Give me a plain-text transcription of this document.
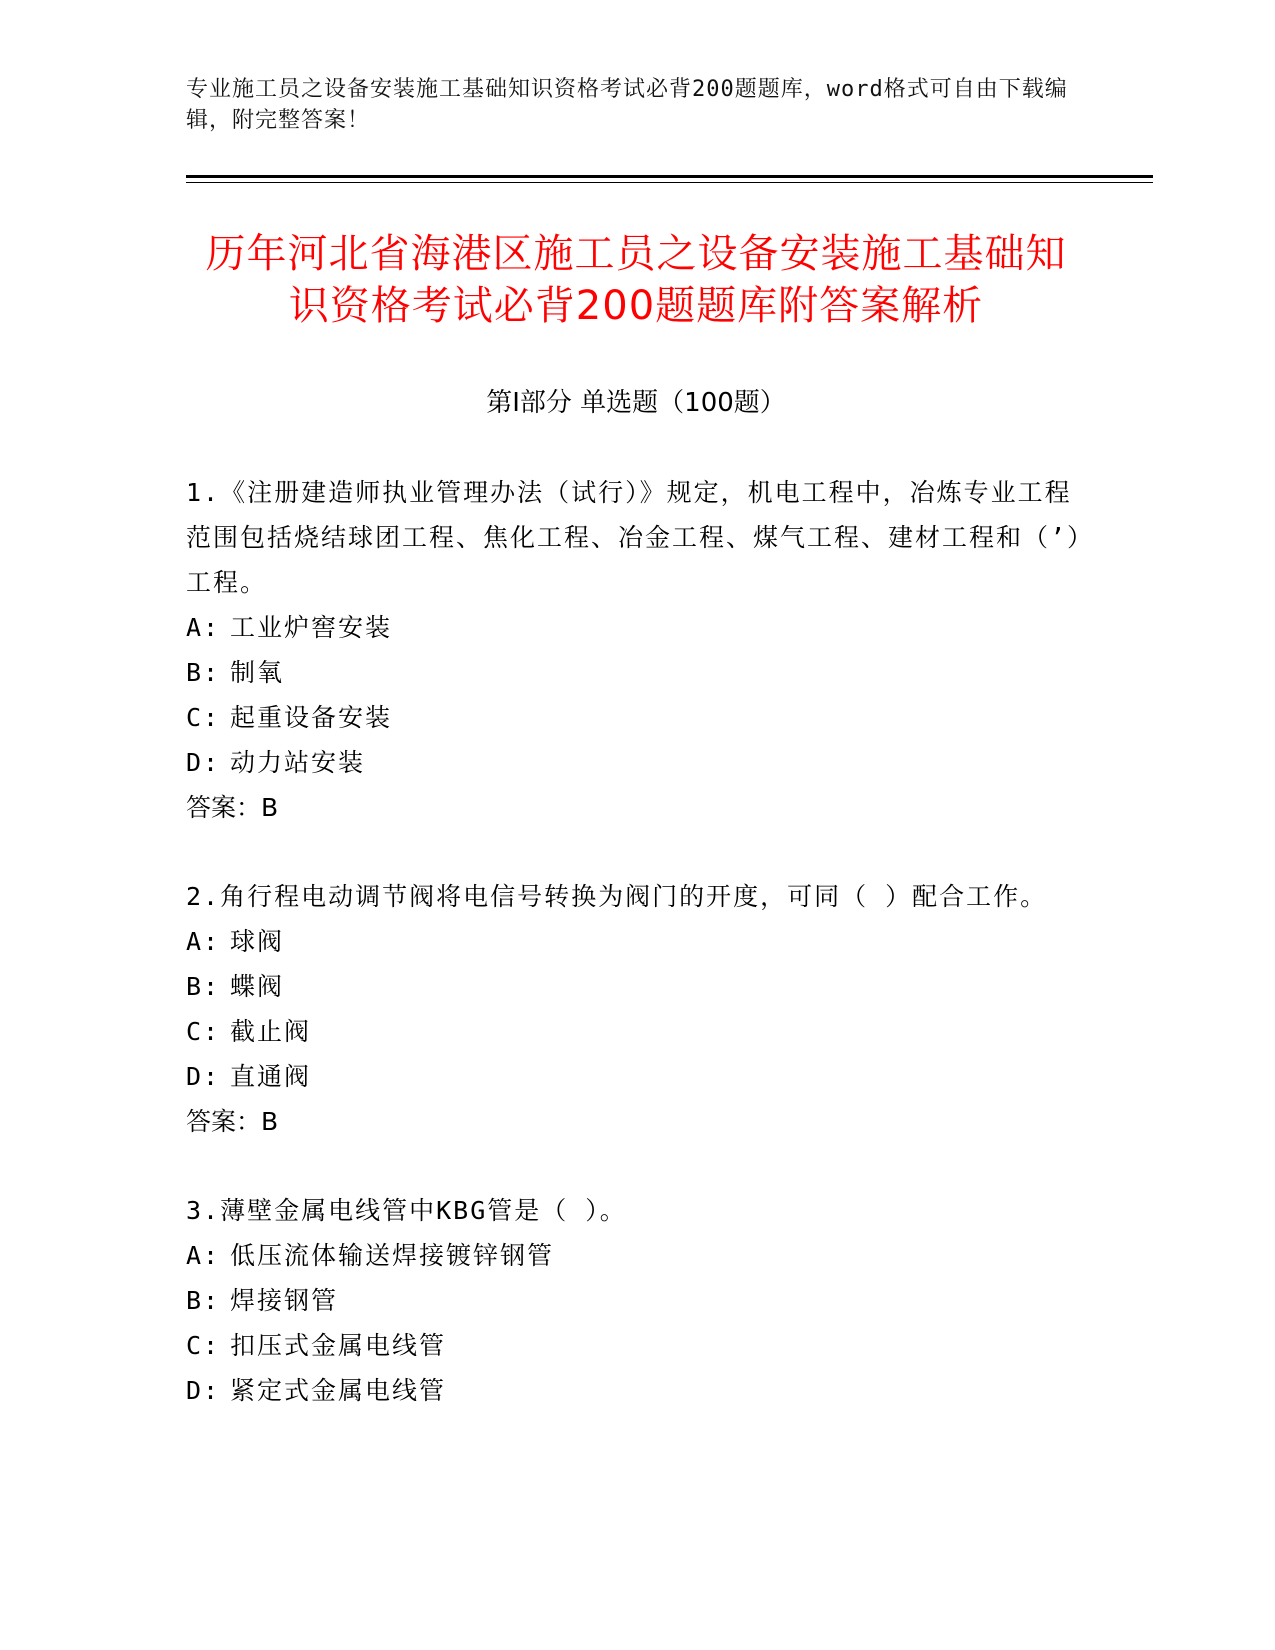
专业施工员之设备安装施工基础知识资格考试必背200题题库，word格式可自由下载编辑，附完整答案！
历年河北省海港区施工员之设备安装施工基础知识资格考试必背200题题库附答案解析
第Ⅰ部分 单选题（100题）

1.《注册建造师执业管理办法（试行）》规定，机电工程中，冶炼专业工程范围包括烧结球团工程、焦化工程、冶金工程、煤气工程、建材工程和（’）工程。

A: 工业炉窖安装

B: 制氧

C: 起重设备安装

D: 动力站安装

答案：B

2.角行程电动调节阀将电信号转换为阀门的开度，可同（ ）配合工作。

A: 球阀

B: 蝶阀

C: 截止阀

D: 直通阀

答案：B

3.薄壁金属电线管中KBG管是（ ）。

A: 低压流体输送焊接镀锌钢管

B: 焊接钢管

C: 扣压式金属电线管

D: 紧定式金属电线管
